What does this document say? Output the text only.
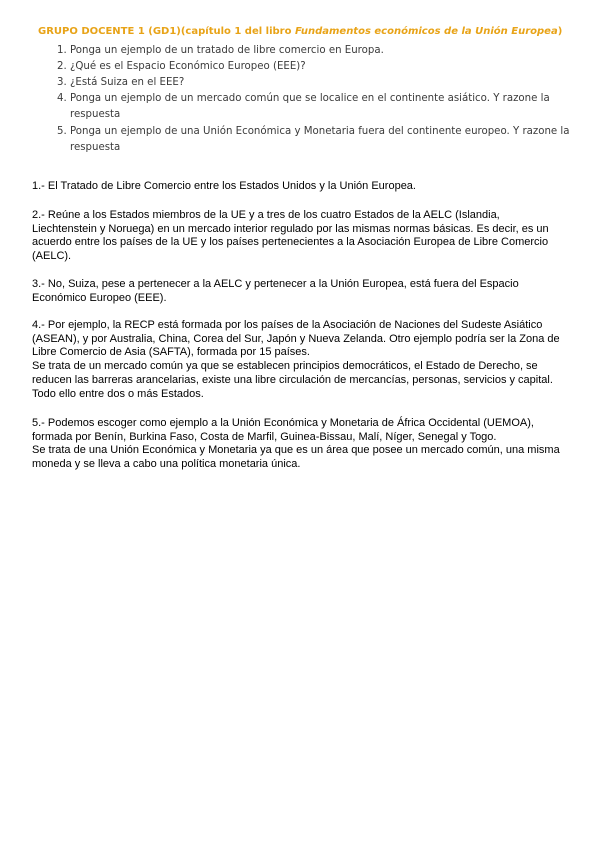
GRUPO DOCENTE 1 (GD1)(capítulo 1 del libro Fundamentos económicos de la Unión Europea)

Ponga un ejemplo de un tratado de libre comercio en Europa.
¿Qué es el Espacio Económico Europeo (EEE)?
¿Está Suiza en el EEE?
Ponga un ejemplo de un mercado común que se localice en el continente asiático. Y razone la respuesta
Ponga un ejemplo de una Unión Económica y Monetaria fuera del continente europeo. Y razone la respuesta

1.- El Tratado de Libre Comercio entre los Estados Unidos y la Unión Europea.

2.- Reúne a los Estados miembros de la UE y a tres de los cuatro Estados de la AELC (Islandia, Liechtenstein y Noruega) en un mercado interior regulado por las mismas normas básicas. Es decir, es un acuerdo entre los países de la UE y los países pertenecientes a la Asociación Europea de Libre Comercio (AELC).

3.- No, Suiza, pese a pertenecer a la AELC y pertenecer a la Unión Europea, está fuera del Espacio Económico Europeo (EEE).

4.- Por ejemplo, la RECP está formada por los países de la Asociación de Naciones del Sudeste Asiático (ASEAN), y por Australia, China, Corea del Sur, Japón y Nueva Zelanda. Otro ejemplo podría ser la Zona de Libre Comercio de Asia (SAFTA), formada por 15 países.

Se trata de un mercado común ya que se establecen principios democráticos, el Estado de Derecho, se reducen las barreras arancelarias, existe una libre circulación de mercancías, personas, servicios y capital. Todo ello entre dos o más Estados.

5.- Podemos escoger como ejemplo a la Unión Económica y Monetaria de África Occidental (UEMOA), formada por Benín, Burkina Faso, Costa de Marfil, Guinea-Bissau, Malí, Níger, Senegal y Togo.

Se trata de una Unión Económica y Monetaria ya que es un área que posee un mercado común, una misma moneda y se lleva a cabo una política monetaria única.
